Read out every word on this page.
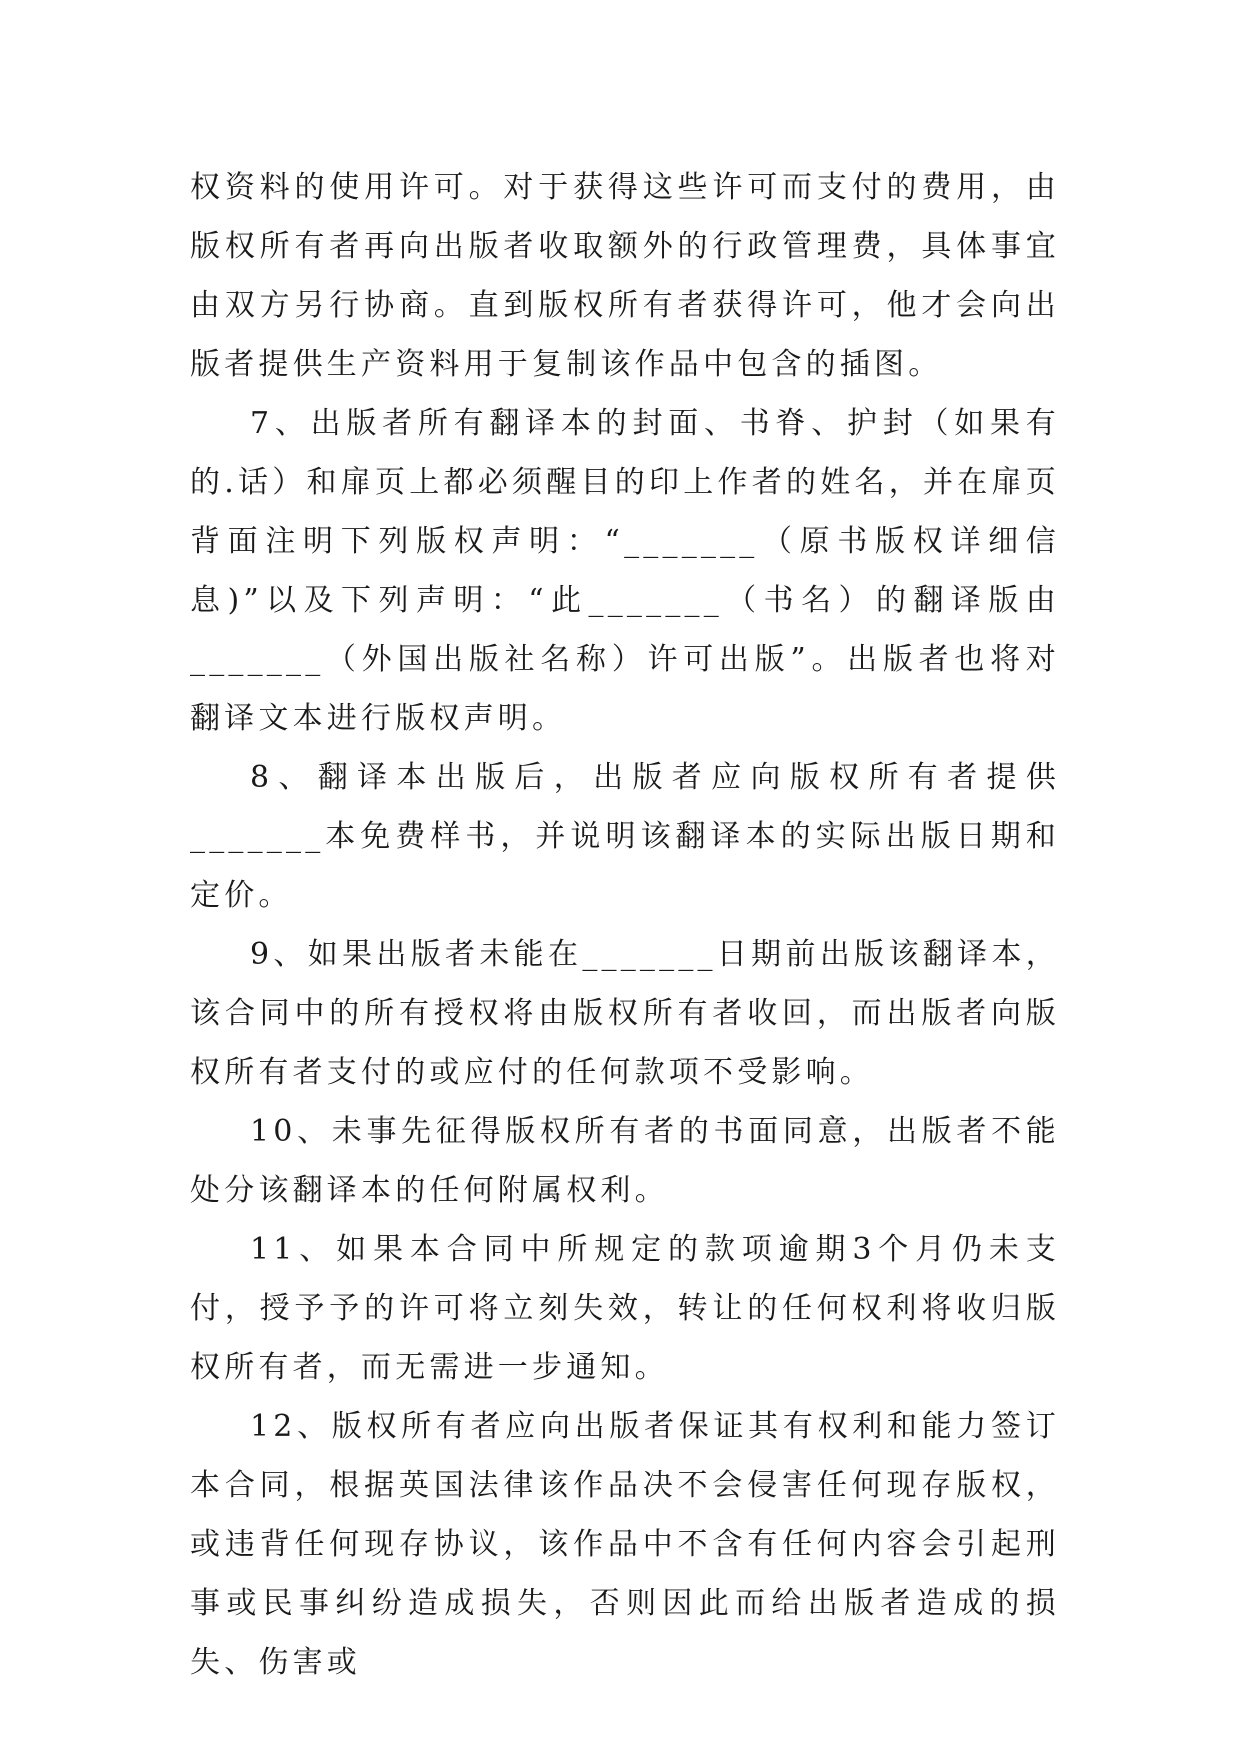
权资料的使用许可。对于获得这些许可而支付的费用，由版权所有者再向出版者收取额外的行政管理费，具体事宜由双方另行协商。直到版权所有者获得许可，他才会向出版者提供生产资料用于复制该作品中包含的插图。

7、出版者所有翻译本的封面、书脊、护封（如果有的.话）和扉页上都必须醒目的印上作者的姓名，并在扉页背面注明下列版权声明：“_______（原书版权详细信息)”以及下列声明：“此_______（书名）的翻译版由_______（外国出版社名称）许可出版”。出版者也将对翻译文本进行版权声明。

8、翻译本出版后，出版者应向版权所有者提供_______本免费样书，并说明该翻译本的实际出版日期和定价。

9、如果出版者未能在_______日期前出版该翻译本，该合同中的所有授权将由版权所有者收回，而出版者向版权所有者支付的或应付的任何款项不受影响。

10、未事先征得版权所有者的书面同意，出版者不能处分该翻译本的任何附属权利。

11、如果本合同中所规定的款项逾期3个月仍未支付，授予予的许可将立刻失效，转让的任何权利将收归版权所有者，而无需进一步通知。

12、版权所有者应向出版者保证其有权利和能力签订本合同，根据英国法律该作品决不会侵害任何现存版权，或违背任何现存协议，该作品中不含有任何内容会引起刑事或民事纠纷造成损失，否则因此而给出版者造成的损失、伤害或
